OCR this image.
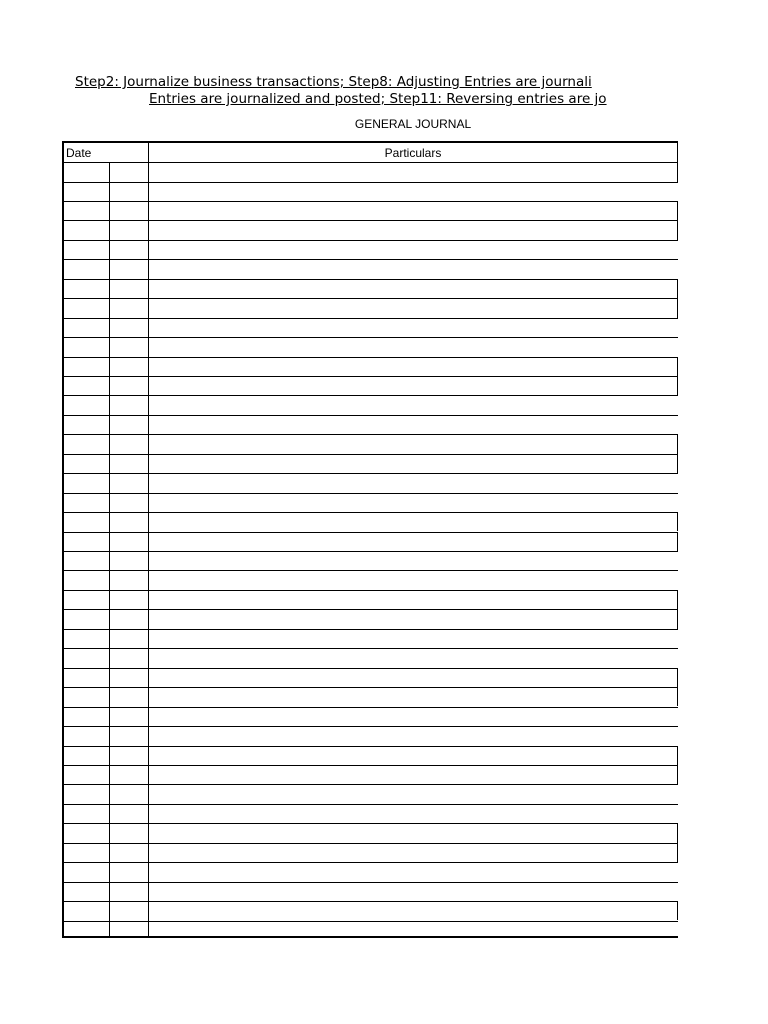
Step2: Journalize business transactions; Step8: Adjusting Entries are journali
Entries are journalized and posted; Step11: Reversing entries are jo
GENERAL JOURNAL
Date	Particulars
